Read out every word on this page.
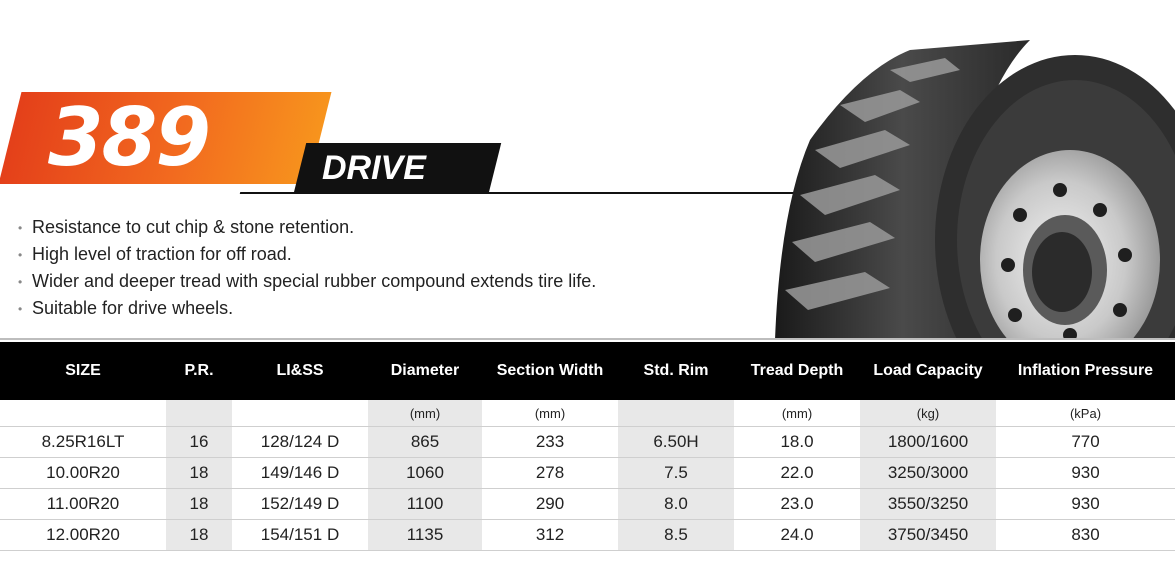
389	DRIVE
• Resistance to cut chip & stone retention.
• High level of traction for off road.
• Wider and deeper tread with special rubber compound extends tire life.
• Suitable for drive wheels.
SIZE	P.R.	LI&SS	Diameter	Section Width	Std. Rim	Tread Depth	Load Capacity	Inflation Pressure
			(mm)	(mm)		(mm)	(kg)	(kPa)
8.25R16LT	16	128/124 D	865	233	6.50H	18.0	1800/1600	770
10.00R20	18	149/146 D	1060	278	7.5	22.0	3250/3000	930
11.00R20	18	152/149 D	1100	290	8.0	23.0	3550/3250	930
12.00R20	18	154/151 D	1135	312	8.5	24.0	3750/3450	830
